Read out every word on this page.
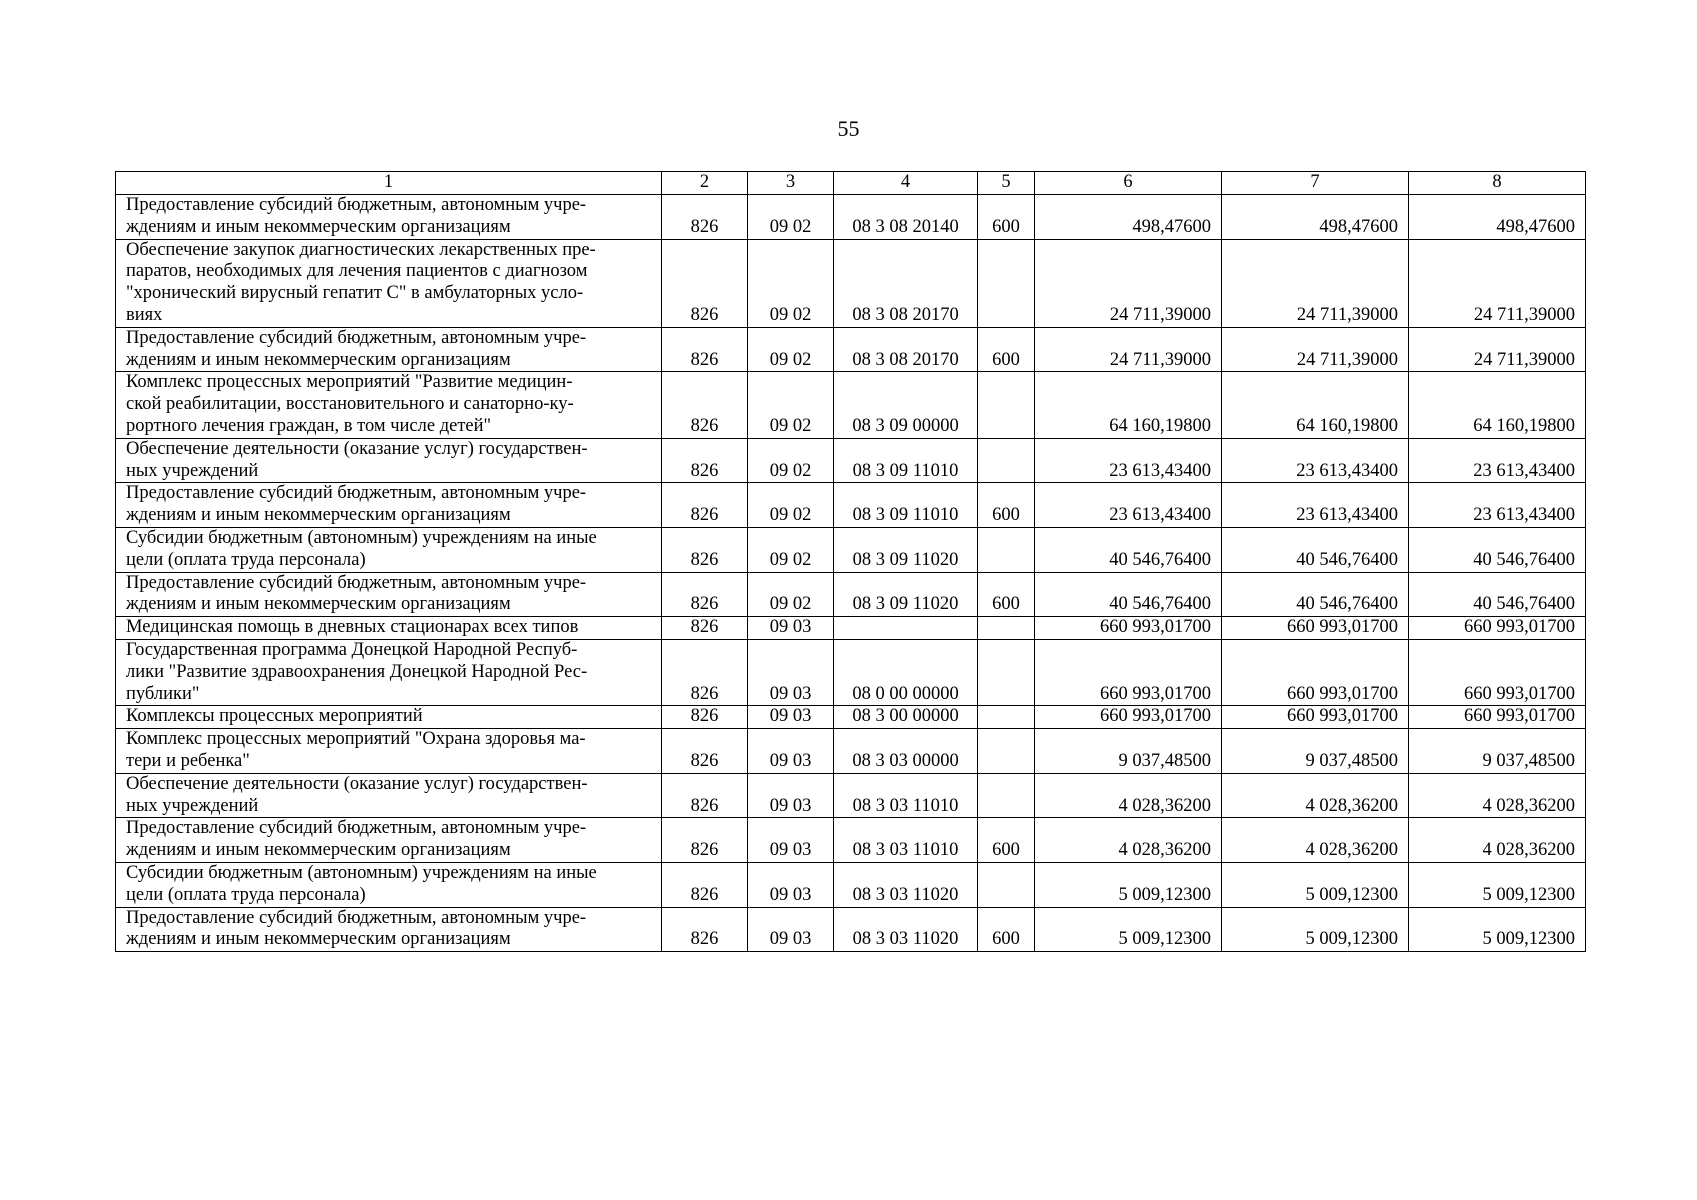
55
1	2	3	4	5	6	7	8

Предоставление субсидий бюджетным, автономным учре-
ждениям и иным некоммерческим организациям	826	09 02	08 3 08 20140	600	498,47600	498,47600	498,47600

Обеспечение закупок диагностических лекарственных пре-
паратов, необходимых для лечения пациентов с диагнозом
"хронический вирусный гепатит С" в амбулаторных усло-
виях	826	09 02	08 3 08 20170		24 711,39000	24 711,39000	24 711,39000

Предоставление субсидий бюджетным, автономным учре-
ждениям и иным некоммерческим организациям	826	09 02	08 3 08 20170	600	24 711,39000	24 711,39000	24 711,39000

Комплекс процессных мероприятий "Развитие медицин-
ской реабилитации, восстановительного и санаторно-ку-
рортного лечения граждан, в том числе детей"	826	09 02	08 3 09 00000		64 160,19800	64 160,19800	64 160,19800

Обеспечение деятельности (оказание услуг) государствен-
ных учреждений	826	09 02	08 3 09 11010		23 613,43400	23 613,43400	23 613,43400

Предоставление субсидий бюджетным, автономным учре-
ждениям и иным некоммерческим организациям	826	09 02	08 3 09 11010	600	23 613,43400	23 613,43400	23 613,43400

Субсидии бюджетным (автономным) учреждениям на иные
цели (оплата труда персонала)	826	09 02	08 3 09 11020		40 546,76400	40 546,76400	40 546,76400

Предоставление субсидий бюджетным, автономным учре-
ждениям и иным некоммерческим организациям	826	09 02	08 3 09 11020	600	40 546,76400	40 546,76400	40 546,76400

Медицинская помощь в дневных стационарах всех типов	826	09 03			660 993,01700	660 993,01700	660 993,01700

Государственная программа Донецкой Народной Респуб-
лики "Развитие здравоохранения Донецкой Народной Рес-
публики"	826	09 03	08 0 00 00000		660 993,01700	660 993,01700	660 993,01700

Комплексы процессных мероприятий	826	09 03	08 3 00 00000		660 993,01700	660 993,01700	660 993,01700

Комплекс процессных мероприятий "Охрана здоровья ма-
тери и ребенка"	826	09 03	08 3 03 00000		9 037,48500	9 037,48500	9 037,48500

Обеспечение деятельности (оказание услуг) государствен-
ных учреждений	826	09 03	08 3 03 11010		4 028,36200	4 028,36200	4 028,36200

Предоставление субсидий бюджетным, автономным учре-
ждениям и иным некоммерческим организациям	826	09 03	08 3 03 11010	600	4 028,36200	4 028,36200	4 028,36200

Субсидии бюджетным (автономным) учреждениям на иные
цели (оплата труда персонала)	826	09 03	08 3 03 11020		5 009,12300	5 009,12300	5 009,12300

Предоставление субсидий бюджетным, автономным учре-
ждениям и иным некоммерческим организациям	826	09 03	08 3 03 11020	600	5 009,12300	5 009,12300	5 009,12300
